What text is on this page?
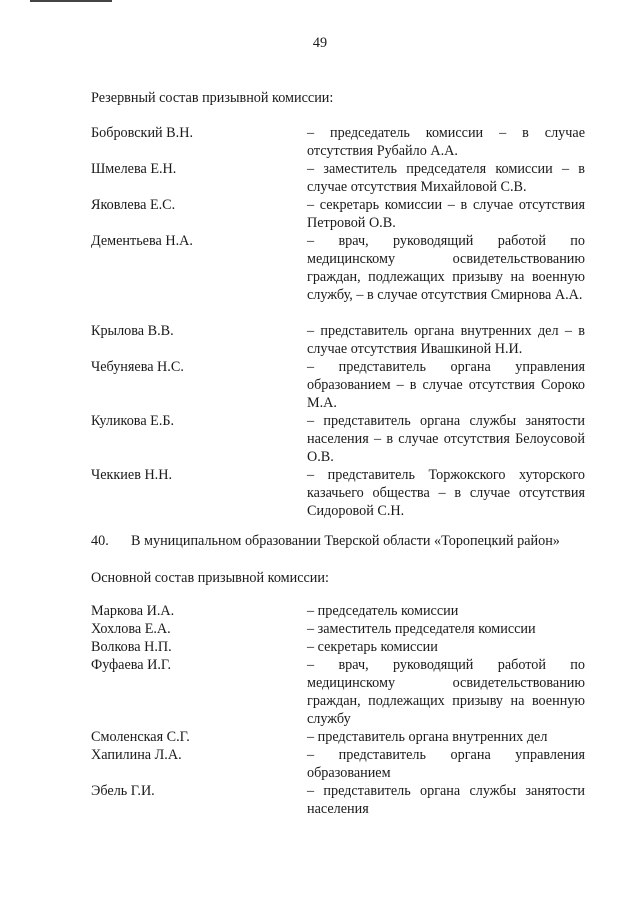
49
Резервный состав призывной комиссии:
Бобровский В.Н.	– председатель комиссии – в случае отсутствия Рубайло А.А.
Шмелева Е.Н.	– заместитель председателя комиссии – в случае отсутствия Михайловой С.В.
Яковлева Е.С.	– секретарь комиссии – в случае отсутствия Петровой О.В.
Дементьева Н.А.	– врач, руководящий работой по медицинскому освидетельствованию граждан, подлежащих призыву на военную службу, – в случае отсутствия Смирнова А.А.
Крылова В.В.	– представитель органа внутренних дел – в случае отсутствия Ивашкиной Н.И.
Чебуняева Н.С.	– представитель органа управления образованием – в случае отсутствия Сороко М.А.
Куликова Е.Б.	– представитель органа службы занятости населения – в случае отсутствия Белоусовой О.В.
Чеккиев Н.Н.	– представитель Торжокского хуторского казачьего общества – в случае отсутствия Сидоровой С.Н.
40. В муниципальном образовании Тверской области «Торопецкий район»
Основной состав призывной комиссии:
Маркова И.А.	– председатель комиссии
Хохлова Е.А.	– заместитель председателя комиссии
Волкова Н.П.	– секретарь комиссии
Фуфаева И.Г.	– врач, руководящий работой по медицинскому освидетельствованию граждан, подлежащих призыву на военную службу
Смоленская С.Г.	– представитель органа внутренних дел
Хапилина Л.А.	– представитель органа управления образованием
Эбель Г.И.	– представитель органа службы занятости населения
